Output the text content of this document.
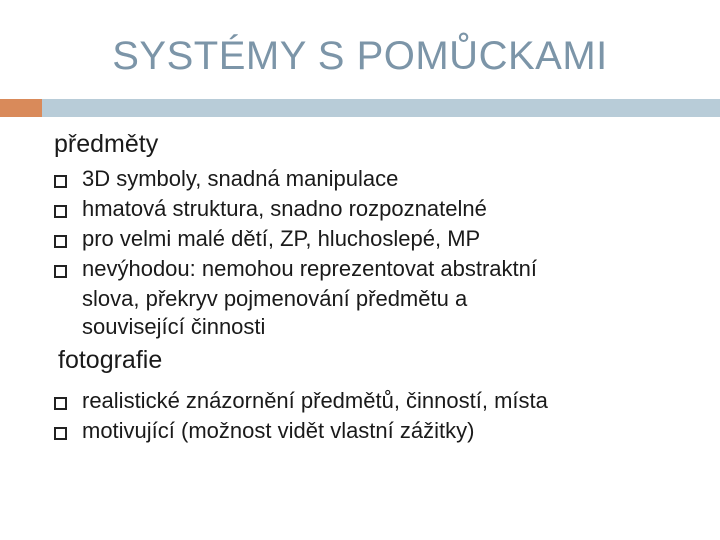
SYSTÉMY S POMŮCKAMI
předměty
3D symboly, snadná manipulace
hmatová struktura, snadno rozpoznatelné
pro velmi malé dětí, ZP, hluchoslepé, MP
nevýhodou: nemohou reprezentovat abstraktní
slova, překryv pojmenování předmětu a
související činnosti
fotografie
realistické znázornění předmětů, činností, místa
motivující (možnost vidět vlastní zážitky)
